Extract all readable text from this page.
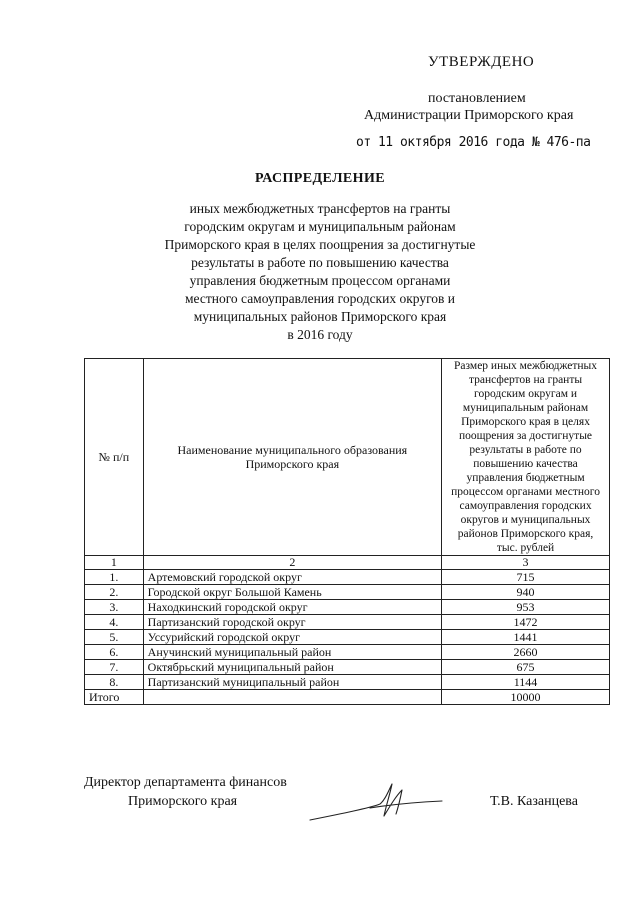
УТВЕРЖДЕНО
постановлением
Администрации Приморского края
от 11 октября 2016 года № 476-па
РАСПРЕДЕЛЕНИЕ
иных межбюджетных трансфертов на гранты
городским округам и муниципальным районам
Приморского края в целях поощрения за достигнутые
результаты в работе по повышению качества
управления бюджетным процессом органами
местного самоуправления городских округов и
муниципальных районов Приморского края
в 2016 году
№ п/п	Наименование муниципального образования Приморского края	Размер иных межбюджетных трансфертов на гранты городским округам и муниципальным районам Приморского края в целях поощрения за достигнутые результаты в работе по повышению качества управления бюджетным процессом органами местного самоуправления городских округов и муниципальных районов Приморского края, тыс. рублей
1	2	3
1.	Артемовский городской округ	715
2.	Городской округ Большой Камень	940
3.	Находкинский городской округ	953
4.	Партизанский городской округ	1472
5.	Уссурийский городской округ	1441
6.	Анучинский муниципальный район	2660
7.	Октябрьский муниципальный район	675
8.	Партизанский муниципальный район	1144
Итого		10000
Директор департамента финансов
Приморского края	Т.В. Казанцева
